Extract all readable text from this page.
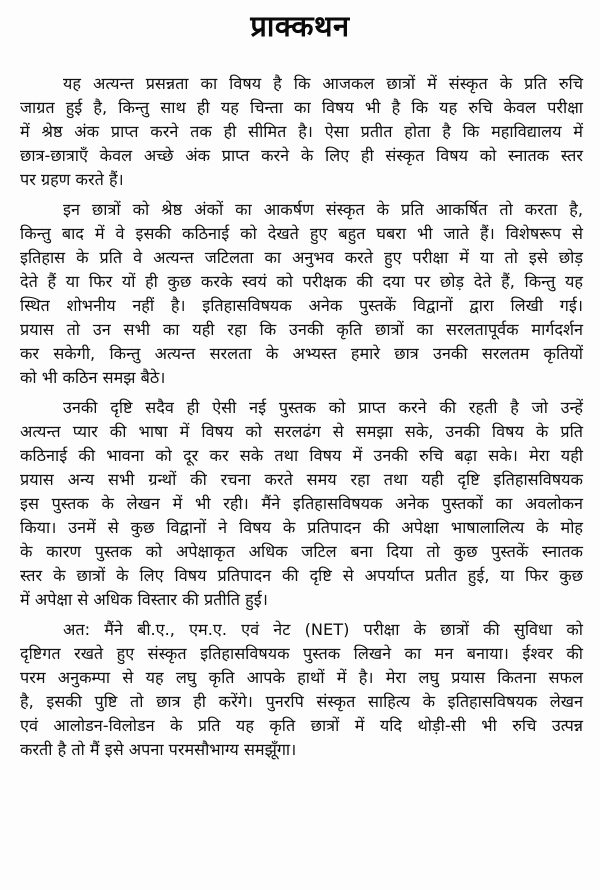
प्राक्कथन
यह अत्यन्त प्रसन्नता का विषय है कि आजकल छात्रों में संस्कृत के प्रति रुचि
जाग्रत हुई है, किन्तु साथ ही यह चिन्ता का विषय भी है कि यह रुचि केवल परीक्षा
में श्रेष्ठ अंक प्राप्त करने तक ही सीमित है। ऐसा प्रतीत होता है कि महाविद्यालय में
छात्र-छात्राएँ केवल अच्छे अंक प्राप्त करने के लिए ही संस्कृत विषय को स्नातक स्तर
पर ग्रहण करते हैं।
इन छात्रों को श्रेष्ठ अंकों का आकर्षण संस्कृत के प्रति आकर्षित तो करता है,
किन्तु बाद में वे इसकी कठिनाई को देखते हुए बहुत घबरा भी जाते हैं। विशेषरूप से
इतिहास के प्रति वे अत्यन्त जटिलता का अनुभव करते हुए परीक्षा में या तो इसे छोड़
देते हैं या फिर यों ही कुछ करके स्वयं को परीक्षक की दया पर छोड़ देते हैं, किन्तु यह
स्थित शोभनीय नहीं है। इतिहासविषयक अनेक पुस्तकें विद्वानों द्वारा लिखी गई।
प्रयास तो उन सभी का यही रहा कि उनकी कृति छात्रों का सरलतापूर्वक मार्गदर्शन
कर सकेगी, किन्तु अत्यन्त सरलता के अभ्यस्त हमारे छात्र उनकी सरलतम कृतियों
को भी कठिन समझ बैठे।
उनकी दृष्टि सदैव ही ऐसी नई पुस्तक को प्राप्त करने की रहती है जो उन्हें
अत्यन्त प्यार की भाषा में विषय को सरलढंग से समझा सके, उनकी विषय के प्रति
कठिनाई की भावना को दूर कर सके तथा विषय में उनकी रुचि बढ़ा सके। मेरा यही
प्रयास अन्य सभी ग्रन्थों की रचना करते समय रहा तथा यही दृष्टि इतिहासविषयक
इस पुस्तक के लेखन में भी रही। मैंने इतिहासविषयक अनेक पुस्तकों का अवलोकन
किया। उनमें से कुछ विद्वानों ने विषय के प्रतिपादन की अपेक्षा भाषालालित्य के मोह
के कारण पुस्तक को अपेक्षाकृत अधिक जटिल बना दिया तो कुछ पुस्तकें स्नातक
स्तर के छात्रों के लिए विषय प्रतिपादन की दृष्टि से अपर्याप्त प्रतीत हुई, या फिर कुछ
में अपेक्षा से अधिक विस्तार की प्रतीति हुई।
अत: मैंने बी.ए., एम.ए. एवं नेट (NET) परीक्षा के छात्रों की सुविधा को
दृष्टिगत रखते हुए संस्कृत इतिहासविषयक पुस्तक लिखने का मन बनाया। ईश्वर की
परम अनुकम्पा से यह लघु कृति आपके हाथों में है। मेरा लघु प्रयास कितना सफल
है, इसकी पुष्टि तो छात्र ही करेंगे। पुनरपि संस्कृत साहित्य के इतिहासविषयक लेखन
एवं आलोडन-विलोडन के प्रति यह कृति छात्रों में यदि थोड़ी-सी भी रुचि उत्पन्न
करती है तो मैं इसे अपना परमसौभाग्य समझूँगा।
